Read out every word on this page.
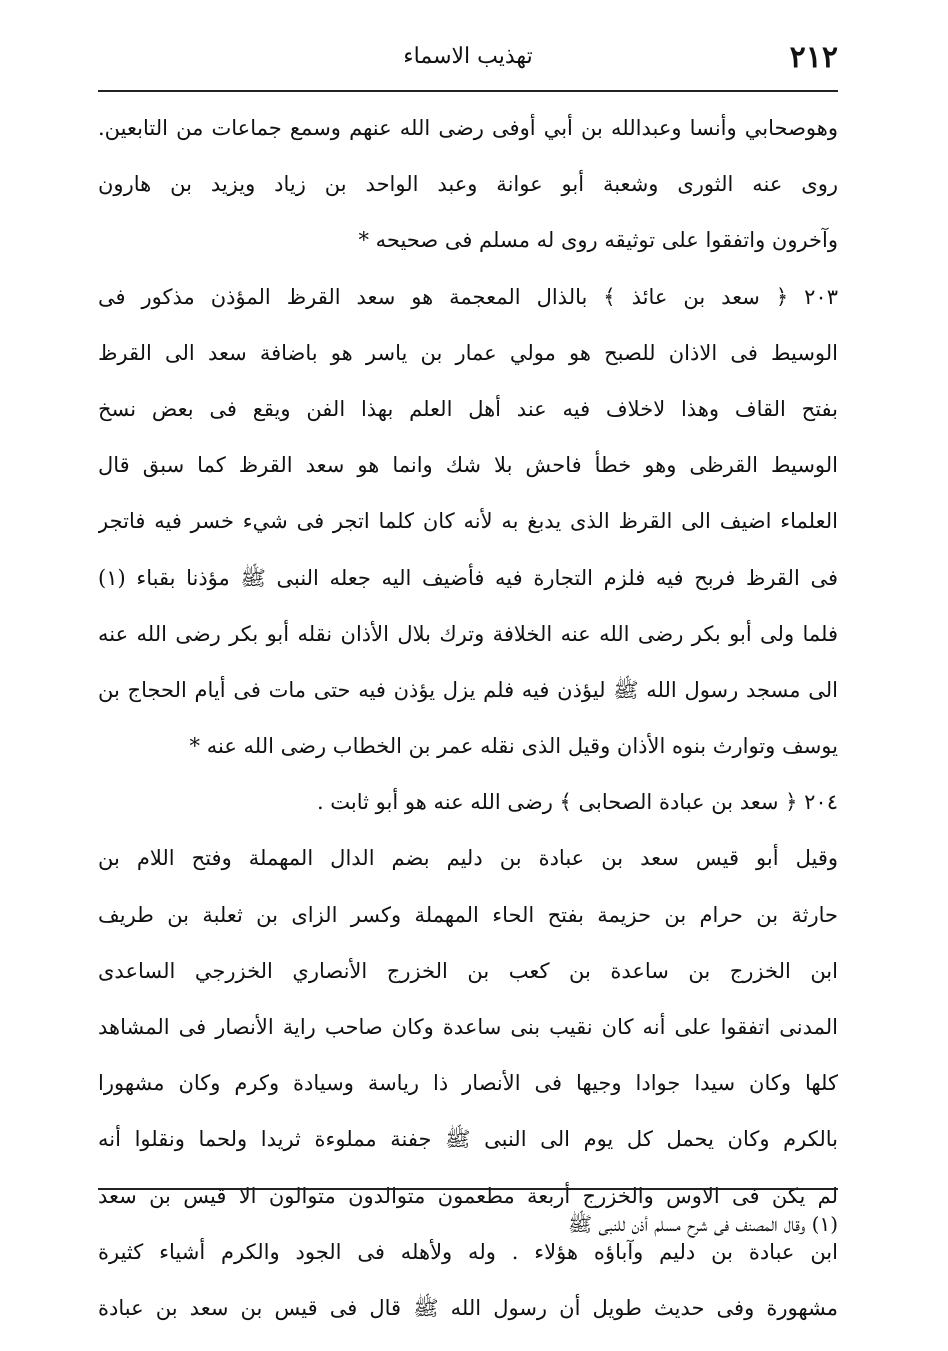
٢١٢
تهذيب الاسماء
وهوصحابي وأنسا وعبدالله بن أبي أوفى رضى الله عنهم وسمع جماعات من التابعين.
روى عنه الثورى وشعبة أبو عوانة وعبد الواحد بن زياد ويزيد بن هارون
وآخرون واتفقوا على توثيقه روى له مسلم فى صحيحه *
٢٠٣ ﴿ سعد بن عائذ ﴾ بالذال المعجمة هو سعد القرظ المؤذن مذكور فى
الوسيط فى الاذان للصبح هو مولي عمار بن ياسر هو باضافة سعد الى القرظ
بفتح القاف وهذا لاخلاف فيه عند أهل العلم بهذا الفن ويقع فى بعض نسخ
الوسيط القرظى وهو خطأ فاحش بلا شك وانما هو سعد القرظ كما سبق قال
العلماء اضيف الى القرظ الذى يدبغ به لأنه كان كلما اتجر فى شيء خسر فيه فاتجر
فى القرظ فربح فيه فلزم التجارة فيه فأضيف اليه جعله النبى ﷺ مؤذنا بقباء (١)
فلما ولى أبو بكر رضى الله عنه الخلافة وترك بلال الأذان نقله أبو بكر رضى الله عنه
الى مسجد رسول الله ﷺ ليؤذن فيه فلم يزل يؤذن فيه حتى مات فى أيام الحجاج بن
يوسف وتوارث بنوه الأذان وقيل الذى نقله عمر بن الخطاب رضى الله عنه *
٢٠٤ ﴿ سعد بن عبادة الصحابى ﴾ رضى الله عنه هو أبو ثابت .
وقيل أبو قيس سعد بن عبادة بن دليم بضم الدال المهملة وفتح اللام بن
حارثة بن حرام بن حزيمة بفتح الحاء المهملة وكسر الزاى بن ثعلبة بن طريف
ابن الخزرج بن ساعدة بن كعب بن الخزرج الأنصاري الخزرجي الساعدى
المدنى اتفقوا على أنه كان نقيب بنى ساعدة وكان صاحب راية الأنصار فى المشاهد
كلها وكان سيدا جوادا وجيها فى الأنصار ذا رياسة وسيادة وكرم وكان مشهورا
بالكرم وكان يحمل كل يوم الى النبى ﷺ جفنة مملوءة ثريدا ولحما ونقلوا أنه
لم يكن فى الاوس والخزرج أربعة مطعمون متوالدون متوالون الا قيس بن سعد
ابن عبادة بن دليم وآباؤه هؤلاء . وله ولأهله فى الجود والكرم أشياء كثيرة
مشهورة وفى حديث طويل أن رسول الله ﷺ قال فى قيس بن سعد بن عبادة
(١) وقال المصنف فى شرح مسلم أذن للنبى ﷺ
